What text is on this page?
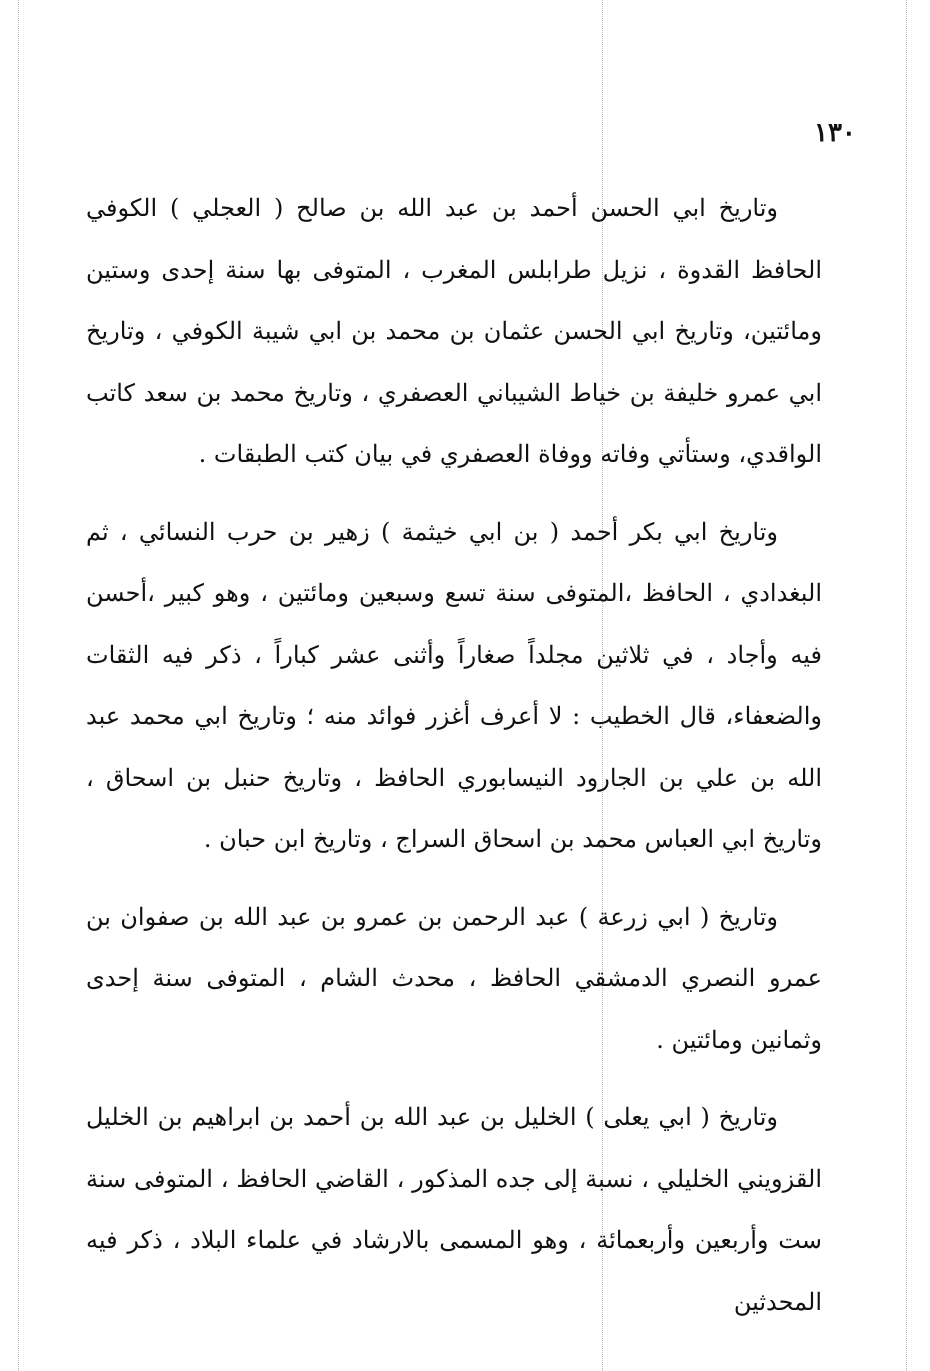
١٣٠

وتاريخ ابي الحسن أحمد بن عبد الله بن صالح ( العجلي ) الكوفي الحافظ القدوة ، نزيل طرابلس المغرب ، المتوفى بها سنة إحدى وستين ومائتين، وتاريخ ابي الحسن عثمان بن محمد بن ابي شيبة الكوفي ، وتاريخ ابي عمرو خليفة بن خياط الشيباني العصفري ، وتاريخ محمد بن سعد كاتب الواقدي، وستأتي وفاته ووفاة العصفري في بيان كتب الطبقات .

وتاريخ ابي بكر أحمد ( بن ابي خيثمة ) زهير بن حرب النسائي ، ثم البغدادي ، الحافظ ،المتوفى سنة تسع وسبعين ومائتين ، وهو كبير ،أحسن فيه وأجاد ، في ثلاثين مجلداً صغاراً وأثنى عشر كباراً ، ذكر فيه الثقات والضعفاء، قال الخطيب : لا أعرف أغزر فوائد منه ؛ وتاريخ ابي محمد عبد الله بن علي بن الجارود النيسابوري الحافظ ، وتاريخ حنبل بن اسحاق ، وتاريخ ابي العباس محمد بن اسحاق السراج ، وتاريخ ابن حبان .

وتاريخ ( ابي زرعة ) عبد الرحمن بن عمرو بن عبد الله بن صفوان بن عمرو النصري الدمشقي الحافظ ، محدث الشام ، المتوفى سنة إحدى وثمانين ومائتين .

وتاريخ ( ابي يعلى ) الخليل بن عبد الله بن أحمد بن ابراهيم بن الخليل القزويني الخليلي ، نسبة إلى جده المذكور ، القاضي الحافظ ، المتوفى سنة ست وأربعين وأربعمائة ، وهو المسمى بالارشاد في علماء البلاد ، ذكر فيه المحدثين
